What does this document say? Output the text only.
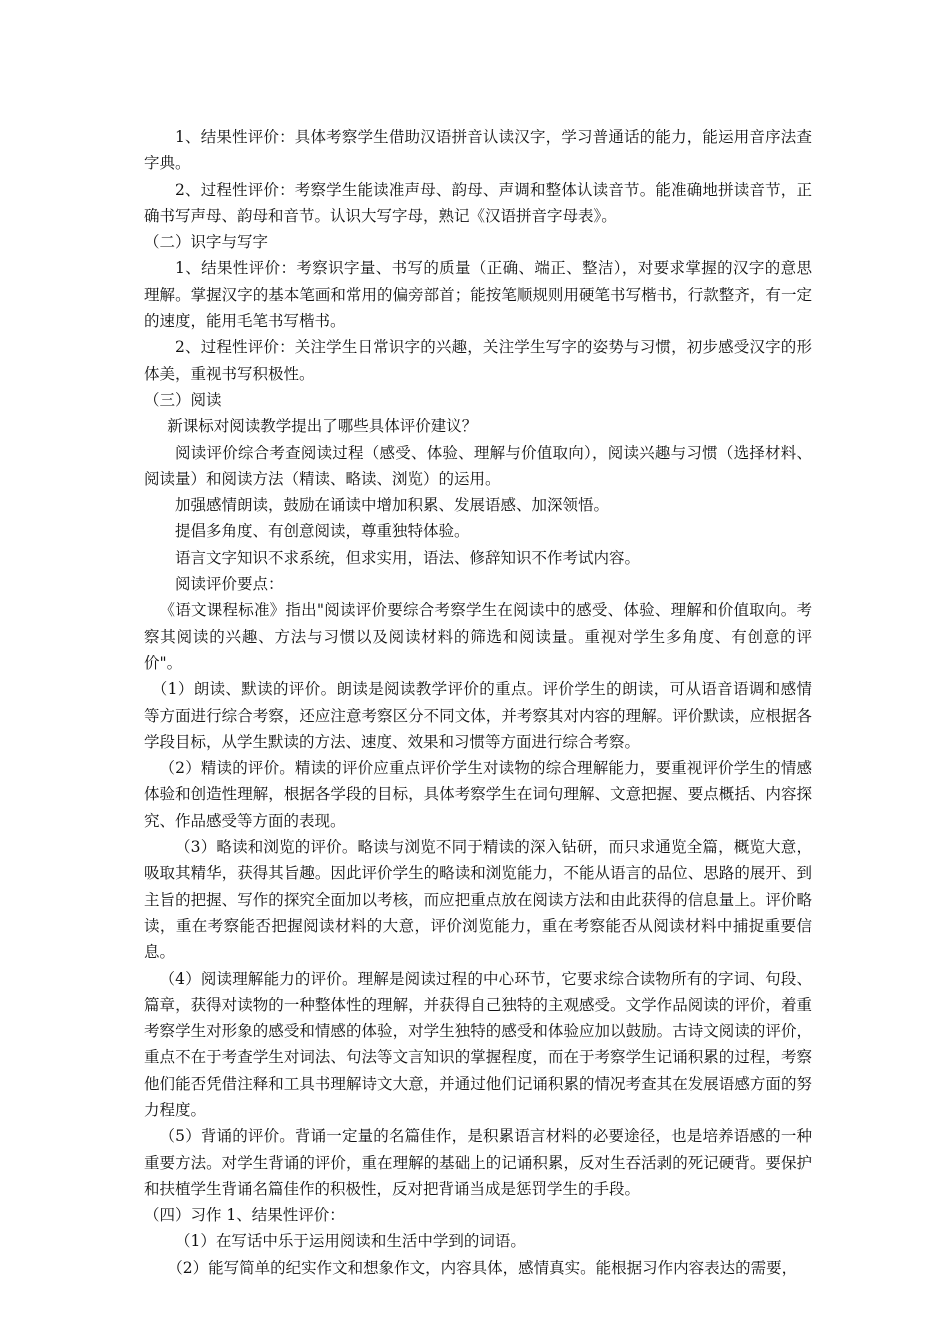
1、结果性评价：具体考察学生借助汉语拼音认读汉字，学习普通话的能力，能运用音序法查字典。

2、过程性评价：考察学生能读准声母、韵母、声调和整体认读音节。能准确地拼读音节，正确书写声母、韵母和音节。认识大写字母，熟记《汉语拼音字母表》。

（二）识字与写字

1、结果性评价：考察识字量、书写的质量（正确、端正、整洁），对要求掌握的汉字的意思理解。掌握汉字的基本笔画和常用的偏旁部首；能按笔顺规则用硬笔书写楷书，行款整齐，有一定的速度，能用毛笔书写楷书。

2、过程性评价：关注学生日常识字的兴趣，关注学生写字的姿势与习惯，初步感受汉字的形体美，重视书写积极性。

（三）阅读

新课标对阅读教学提出了哪些具体评价建议？

阅读评价综合考查阅读过程（感受、体验、理解与价值取向），阅读兴趣与习惯（选择材料、阅读量）和阅读方法（精读、略读、浏览）的运用。

加强感情朗读，鼓励在诵读中增加积累、发展语感、加深领悟。

提倡多角度、有创意阅读，尊重独特体验。

语言文字知识不求系统，但求实用，语法、修辞知识不作考试内容。

阅读评价要点：

《语文课程标准》指出"阅读评价要综合考察学生在阅读中的感受、体验、理解和价值取向。考察其阅读的兴趣、方法与习惯以及阅读材料的筛选和阅读量。重视对学生多角度、有创意的评价"。

（1）朗读、默读的评价。朗读是阅读教学评价的重点。评价学生的朗读，可从语音语调和感情等方面进行综合考察，还应注意考察区分不同文体，并考察其对内容的理解。评价默读，应根据各学段目标，从学生默读的方法、速度、效果和习惯等方面进行综合考察。

（2）精读的评价。精读的评价应重点评价学生对读物的综合理解能力，要重视评价学生的情感体验和创造性理解，根据各学段的目标，具体考察学生在词句理解、文意把握、要点概括、内容探究、作品感受等方面的表现。

（3）略读和浏览的评价。略读与浏览不同于精读的深入钻研，而只求通览全篇，概览大意，吸取其精华，获得其旨趣。因此评价学生的略读和浏览能力，不能从语言的品位、思路的展开、到主旨的把握、写作的探究全面加以考核，而应把重点放在阅读方法和由此获得的信息量上。评价略读，重在考察能否把握阅读材料的大意，评价浏览能力，重在考察能否从阅读材料中捕捉重要信息。

（4）阅读理解能力的评价。理解是阅读过程的中心环节，它要求综合读物所有的字词、句段、篇章，获得对读物的一种整体性的理解，并获得自己独特的主观感受。文学作品阅读的评价，着重考察学生对形象的感受和情感的体验，对学生独特的感受和体验应加以鼓励。古诗文阅读的评价，重点不在于考查学生对词法、句法等文言知识的掌握程度，而在于考察学生记诵积累的过程，考察他们能否凭借注释和工具书理解诗文大意，并通过他们记诵积累的情况考查其在发展语感方面的努力程度。

（5）背诵的评价。背诵一定量的名篇佳作，是积累语言材料的必要途径，也是培养语感的一种重要方法。对学生背诵的评价，重在理解的基础上的记诵积累，反对生吞活剥的死记硬背。要保护和扶植学生背诵名篇佳作的积极性，反对把背诵当成是惩罚学生的手段。

（四）习作 1、结果性评价：

（1）在写话中乐于运用阅读和生活中学到的词语。

（2）能写简单的纪实作文和想象作文，内容具体，感情真实。能根据习作内容表达的需要，
